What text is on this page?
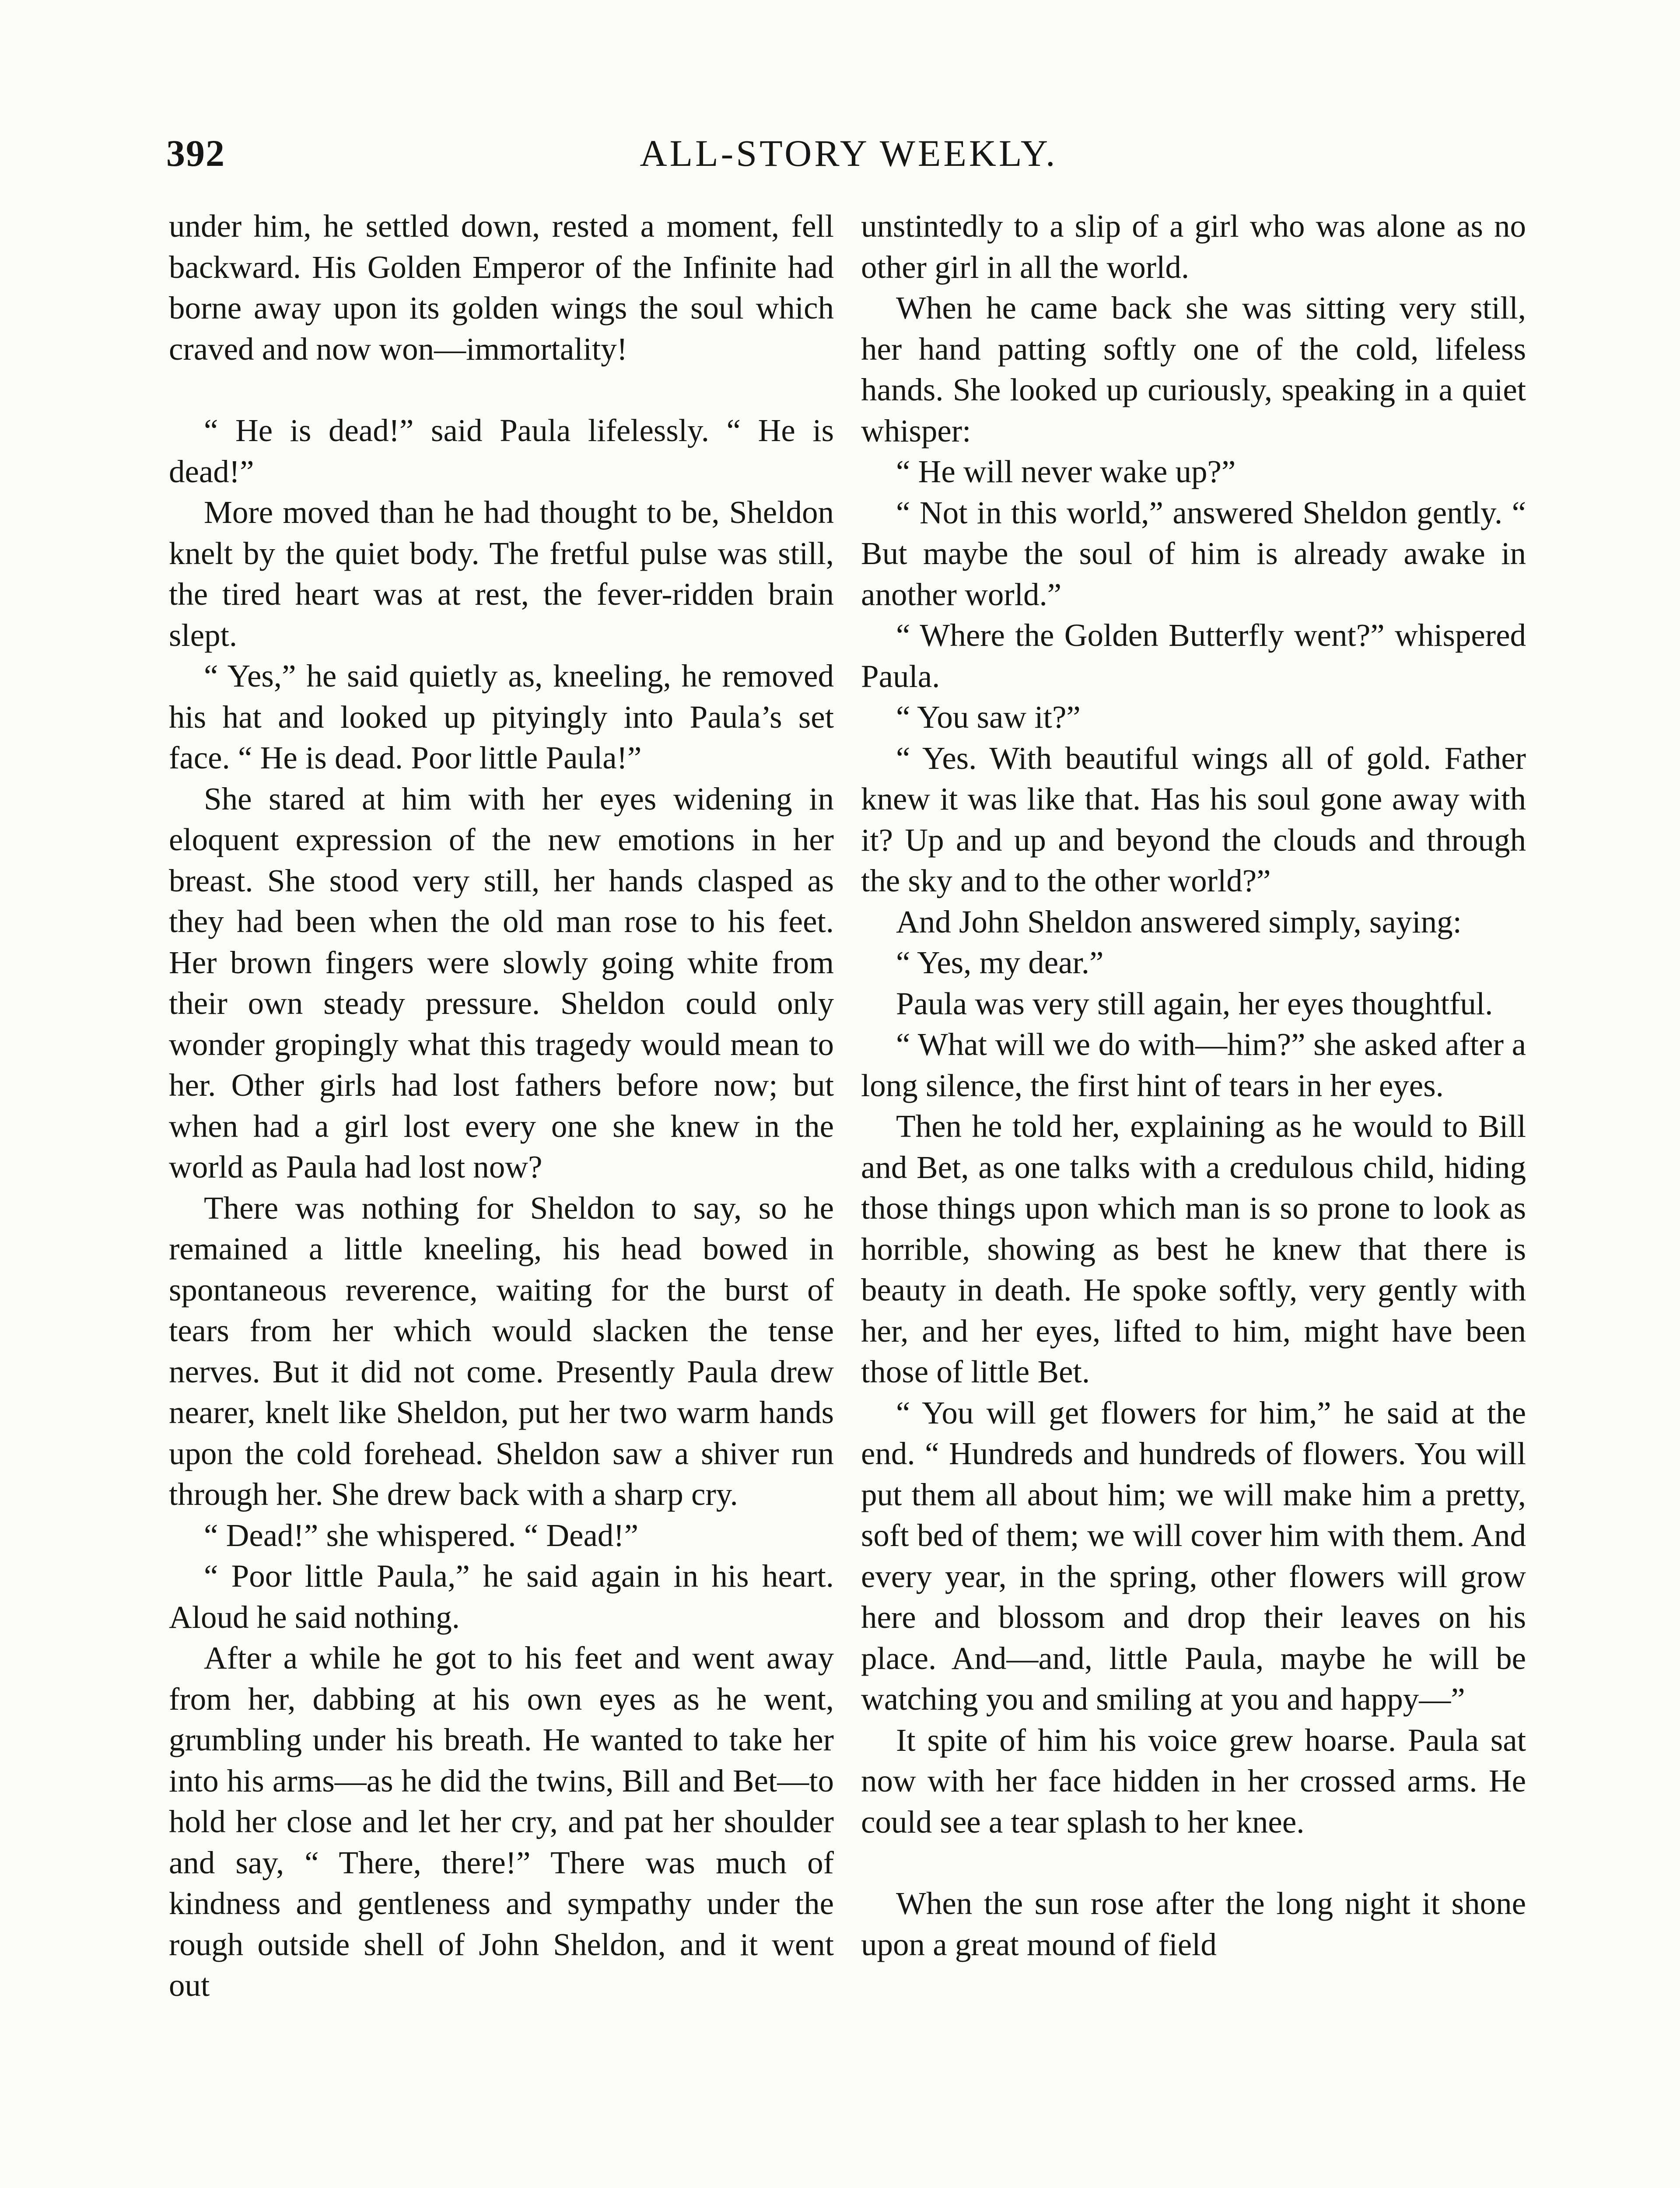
392	ALL-STORY WEEKLY.

under him, he settled down, rested a moment, fell backward. His Golden Emperor of the Infinite had borne away upon its golden wings the soul which craved and now won—immortality!

“ He is dead!” said Paula lifelessly. “ He is dead!”

More moved than he had thought to be, Sheldon knelt by the quiet body. The fretful pulse was still, the tired heart was at rest, the fever-ridden brain slept.

“ Yes,” he said quietly as, kneeling, he removed his hat and looked up pityingly into Paula’s set face. “ He is dead. Poor little Paula!”

She stared at him with her eyes widening in eloquent expression of the new emotions in her breast. She stood very still, her hands clasped as they had been when the old man rose to his feet. Her brown fingers were slowly going white from their own steady pressure. Sheldon could only wonder gropingly what this tragedy would mean to her. Other girls had lost fathers before now; but when had a girl lost every one she knew in the world as Paula had lost now?

There was nothing for Sheldon to say, so he remained a little kneeling, his head bowed in spontaneous reverence, waiting for the burst of tears from her which would slacken the tense nerves. But it did not come. Presently Paula drew nearer, knelt like Sheldon, put her two warm hands upon the cold forehead. Sheldon saw a shiver run through her. She drew back with a sharp cry.

“ Dead!” she whispered. “ Dead!”

“ Poor little Paula,” he said again in his heart. Aloud he said nothing.

After a while he got to his feet and went away from her, dabbing at his own eyes as he went, grumbling under his breath. He wanted to take her into his arms—as he did the twins, Bill and Bet—to hold her close and let her cry, and pat her shoulder and say, “ There, there!” There was much of kindness and gentleness and sympathy under the rough outside shell of John Sheldon, and it went out

unstintedly to a slip of a girl who was alone as no other girl in all the world.

When he came back she was sitting very still, her hand patting softly one of the cold, lifeless hands. She looked up curiously, speaking in a quiet whisper:

“ He will never wake up?”

“ Not in this world,” answered Sheldon gently. “ But maybe the soul of him is already awake in another world.”

“ Where the Golden Butterfly went?” whispered Paula.

“ You saw it?”

“ Yes. With beautiful wings all of gold. Father knew it was like that. Has his soul gone away with it? Up and up and beyond the clouds and through the sky and to the other world?”

And John Sheldon answered simply, saying:

“ Yes, my dear.”

Paula was very still again, her eyes thoughtful.

“ What will we do with—him?” she asked after a long silence, the first hint of tears in her eyes.

Then he told her, explaining as he would to Bill and Bet, as one talks with a credulous child, hiding those things upon which man is so prone to look as horrible, showing as best he knew that there is beauty in death. He spoke softly, very gently with her, and her eyes, lifted to him, might have been those of little Bet.

“ You will get flowers for him,” he said at the end. “ Hundreds and hundreds of flowers. You will put them all about him; we will make him a pretty, soft bed of them; we will cover him with them. And every year, in the spring, other flowers will grow here and blossom and drop their leaves on his place. And—and, little Paula, maybe he will be watching you and smiling at you and happy—”

It spite of him his voice grew hoarse. Paula sat now with her face hidden in her crossed arms. He could see a tear splash to her knee.

When the sun rose after the long night it shone upon a great mound of field
